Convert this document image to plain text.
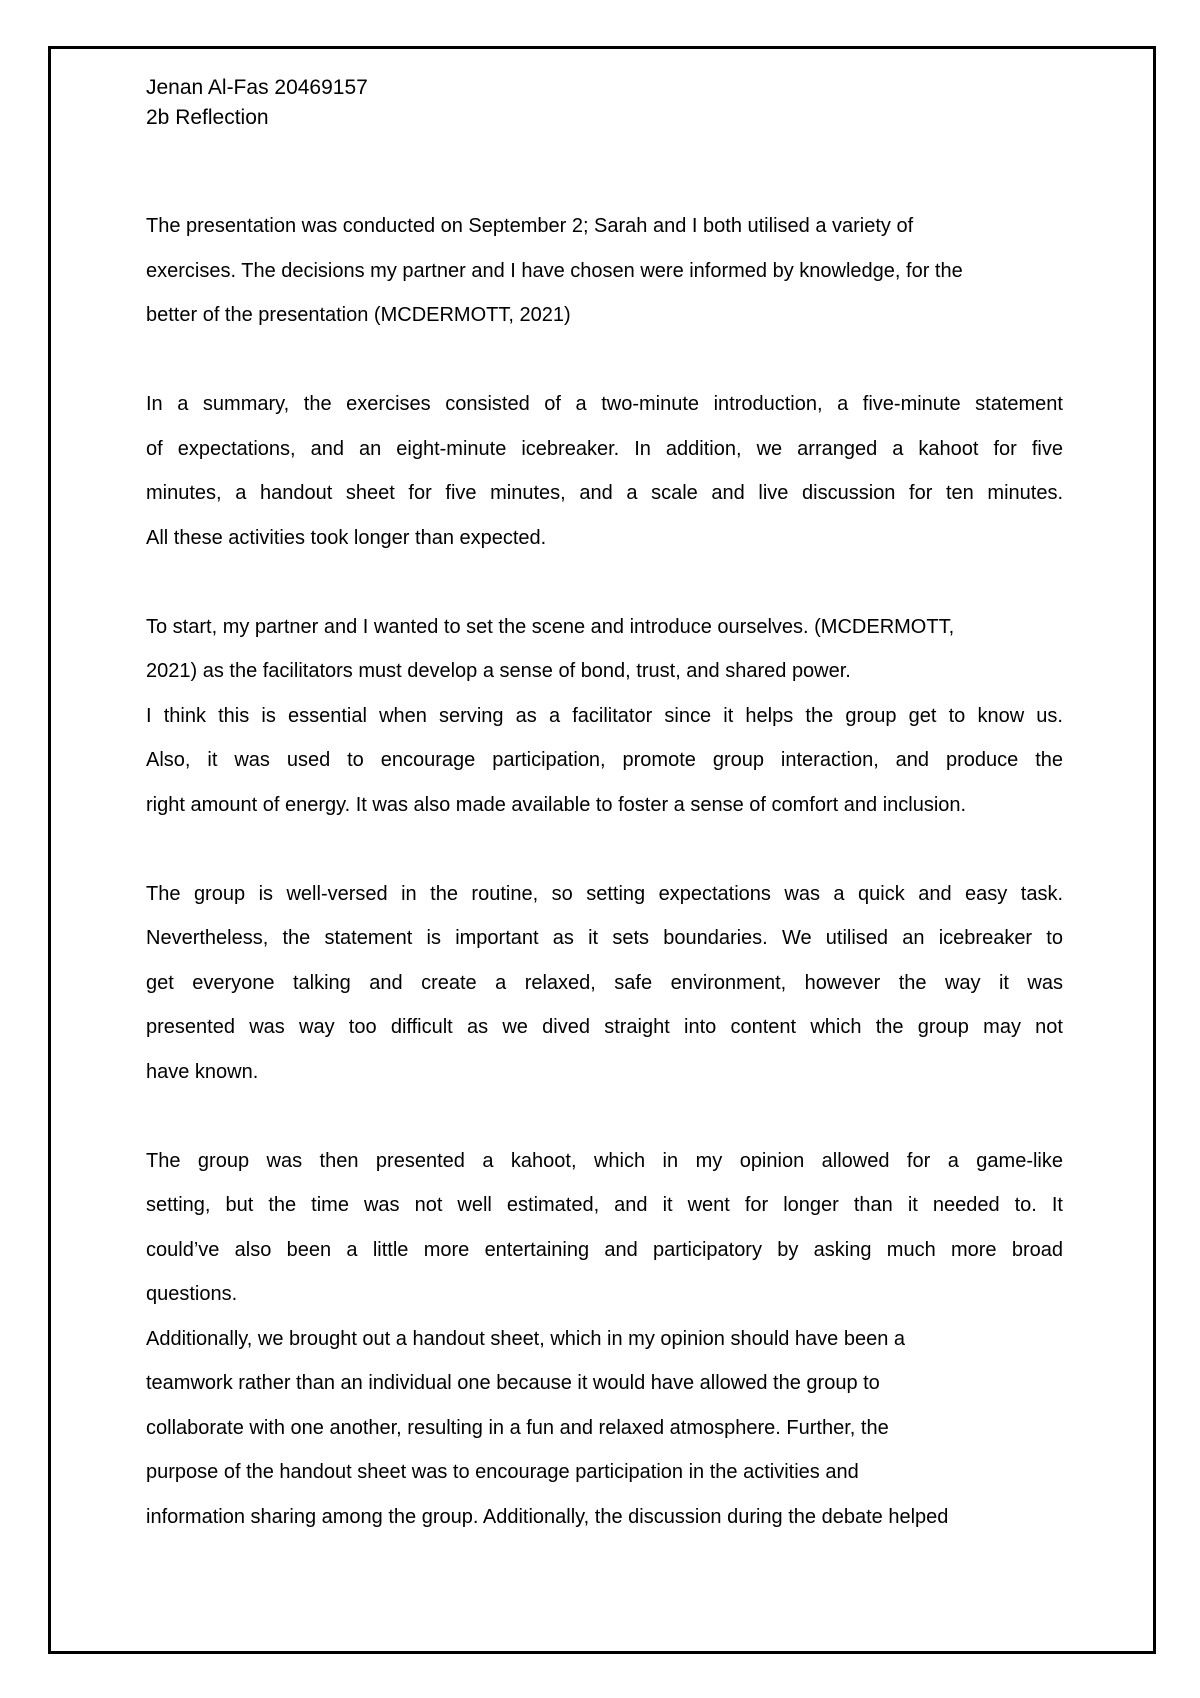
Jenan Al-Fas 20469157
2b Reflection
The presentation was conducted on September 2; Sarah and I both utilised a variety of
exercises. The decisions my partner and I have chosen were informed by knowledge, for the
better of the presentation (MCDERMOTT, 2021)
In a summary, the exercises consisted of a two-minute introduction, a five-minute statement
of expectations, and an eight-minute icebreaker. In addition, we arranged a kahoot for five
minutes, a handout sheet for five minutes, and a scale and live discussion for ten minutes.
All these activities took longer than expected.
To start, my partner and I wanted to set the scene and introduce ourselves. (MCDERMOTT,
2021) as the facilitators must develop a sense of bond, trust, and shared power.
I think this is essential when serving as a facilitator since it helps the group get to know us.
Also, it was used to encourage participation, promote group interaction, and produce the
right amount of energy. It was also made available to foster a sense of comfort and inclusion.
The group is well-versed in the routine, so setting expectations was a quick and easy task.
Nevertheless, the statement is important as it sets boundaries. We utilised an icebreaker to
get everyone talking and create a relaxed, safe environment, however the way it was
presented was way too difficult as we dived straight into content which the group may not
have known.
The group was then presented a kahoot, which in my opinion allowed for a game-like
setting, but the time was not well estimated, and it went for longer than it needed to. It
could’ve also been a little more entertaining and participatory by asking much more broad
questions.
Additionally, we brought out a handout sheet, which in my opinion should have been a
teamwork rather than an individual one because it would have allowed the group to
collaborate with one another, resulting in a fun and relaxed atmosphere. Further, the
purpose of the handout sheet was to encourage participation in the activities and
information sharing among the group. Additionally, the discussion during the debate helped
